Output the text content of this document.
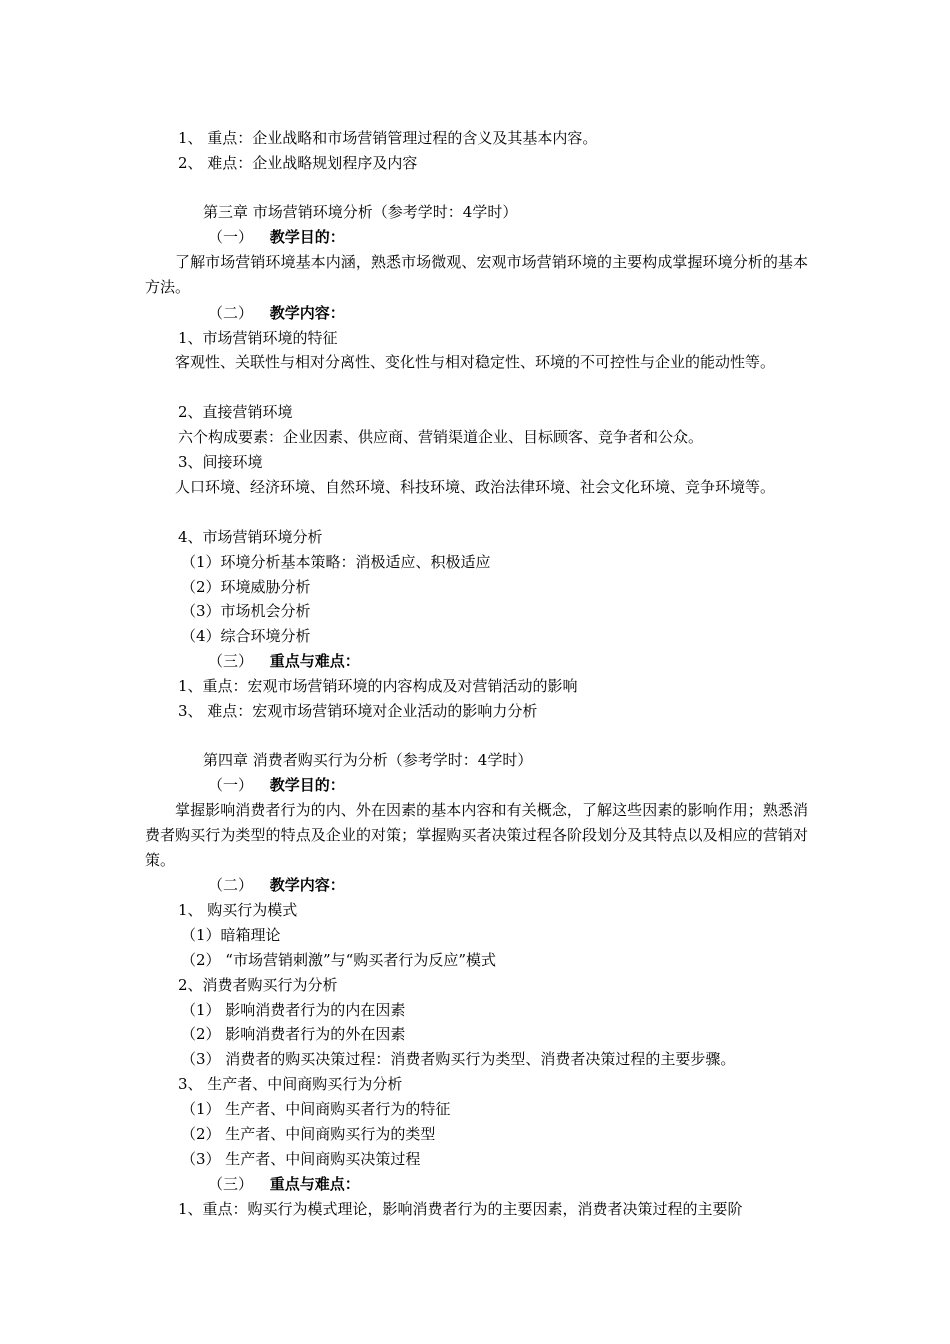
1、 重点：企业战略和市场营销管理过程的含义及其基本内容。
2、 难点：企业战略规划程序及内容
第三章 市场营销环境分析（参考学时：4学时）
（一） 教学目的：
了解市场营销环境基本内涵，熟悉市场微观、宏观市场营销环境的主要构成掌握环境分析的基本方法。
（二） 教学内容：
1、市场营销环境的特征
客观性、关联性与相对分离性、变化性与相对稳定性、环境的不可控性与企业的能动性等。
2、直接营销环境
六个构成要素：企业因素、供应商、营销渠道企业、目标顾客、竞争者和公众。
3、间接环境
人口环境、经济环境、自然环境、科技环境、政治法律环境、社会文化环境、竞争环境等。
4、市场营销环境分析
（1）环境分析基本策略：消极适应、积极适应
（2）环境威胁分析
（3）市场机会分析
（4）综合环境分析
（三） 重点与难点：
1、重点：宏观市场营销环境的内容构成及对营销活动的影响
3、 难点：宏观市场营销环境对企业活动的影响力分析
第四章 消费者购买行为分析（参考学时：4学时）
（一） 教学目的：
掌握影响消费者行为的内、外在因素的基本内容和有关概念，了解这些因素的影响作用；熟悉消费者购买行为类型的特点及企业的对策；掌握购买者决策过程各阶段划分及其特点以及相应的营销对策。
（二） 教学内容：
1、 购买行为模式
（1）暗箱理论
（2） “市场营销刺激”与“购买者行为反应”模式
2、消费者购买行为分析
（1） 影响消费者行为的内在因素
（2） 影响消费者行为的外在因素
（3） 消费者的购买决策过程：消费者购买行为类型、消费者决策过程的主要步骤。
3、 生产者、中间商购买行为分析
（1） 生产者、中间商购买者行为的特征
（2） 生产者、中间商购买行为的类型
（3） 生产者、中间商购买决策过程
（三） 重点与难点：
1、重点：购买行为模式理论，影响消费者行为的主要因素，消费者决策过程的主要阶
